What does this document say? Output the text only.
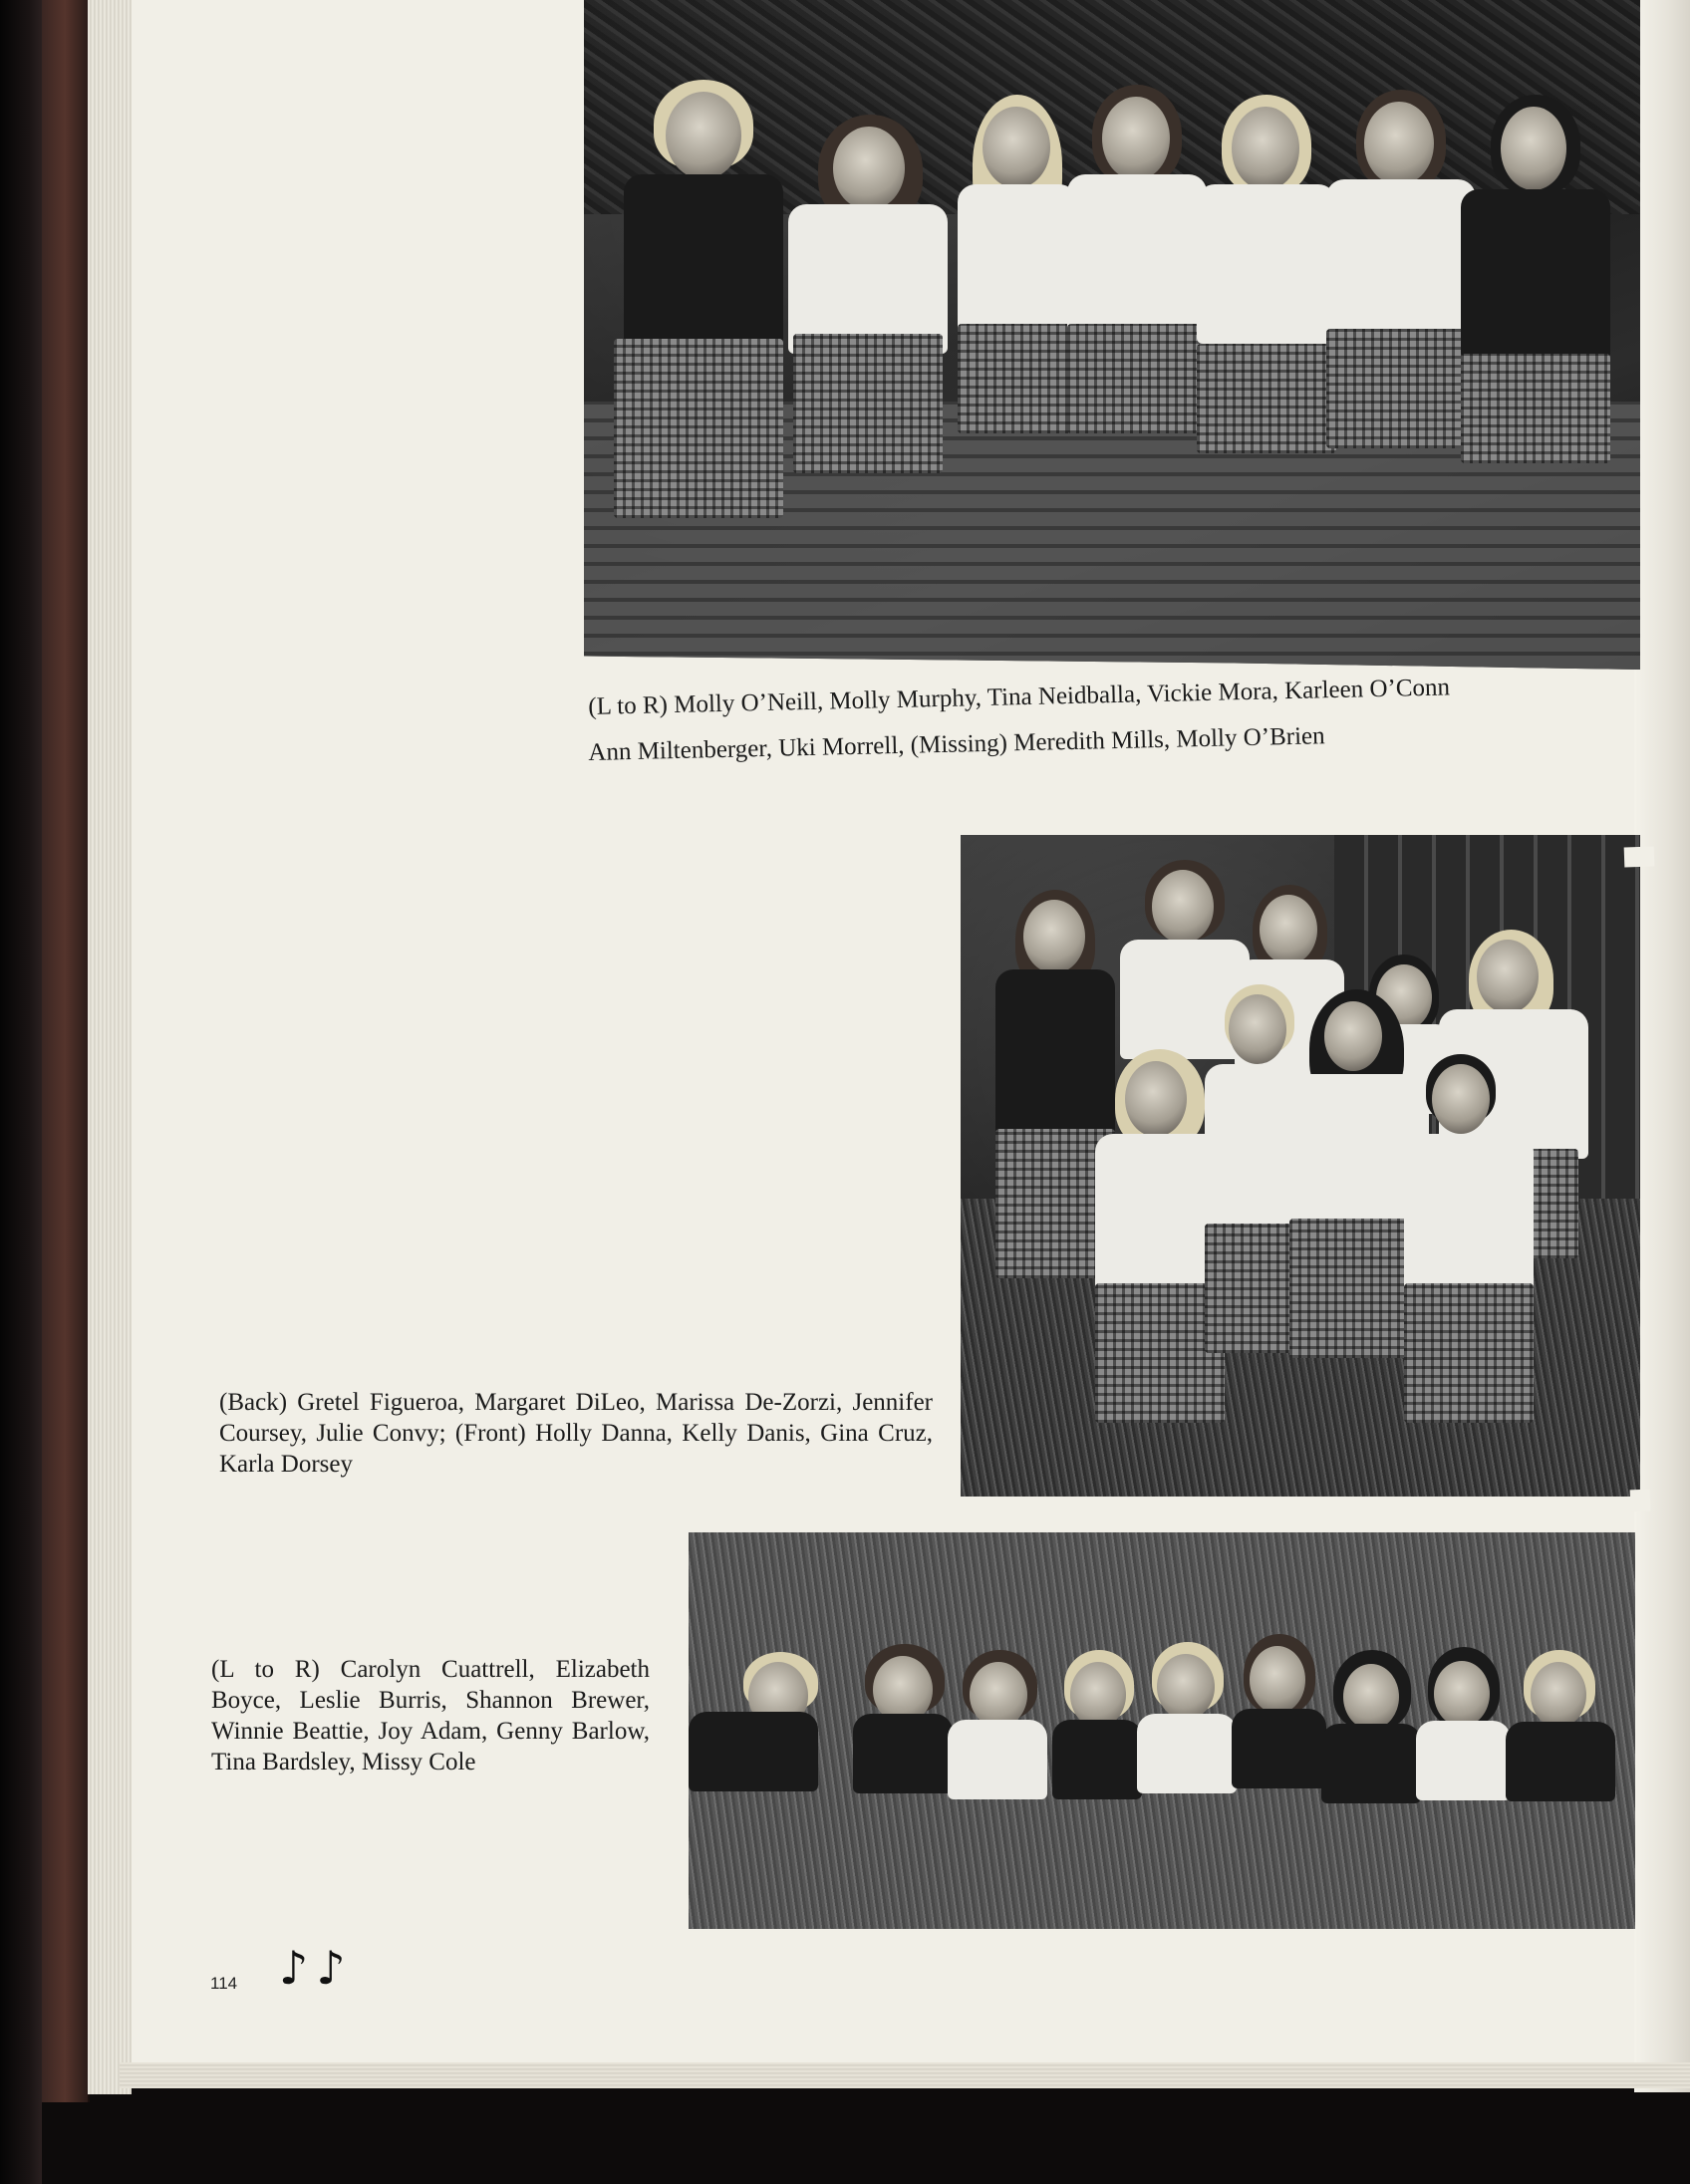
(L to R) Molly O’Neill, Molly Murphy, Tina Neidballa, Vickie Mora, Karleen O’Conn

Ann Miltenberger, Uki Morrell, (Missing) Meredith Mills, Molly O’Brien

(Back) Gretel Figueroa, Margaret DiLeo, Marissa De-Zorzi, Jennifer Coursey, Julie Convy; (Front) Holly Danna, Kelly Danis, Gina Cruz, Karla Dorsey

(L to R) Carolyn Cuattrell, Elizabeth Boyce, Leslie Burris, Shannon Brewer, Winnie Beattie, Joy Adam, Genny Barlow, Tina Bardsley, Missy Cole

114 ♪♪
